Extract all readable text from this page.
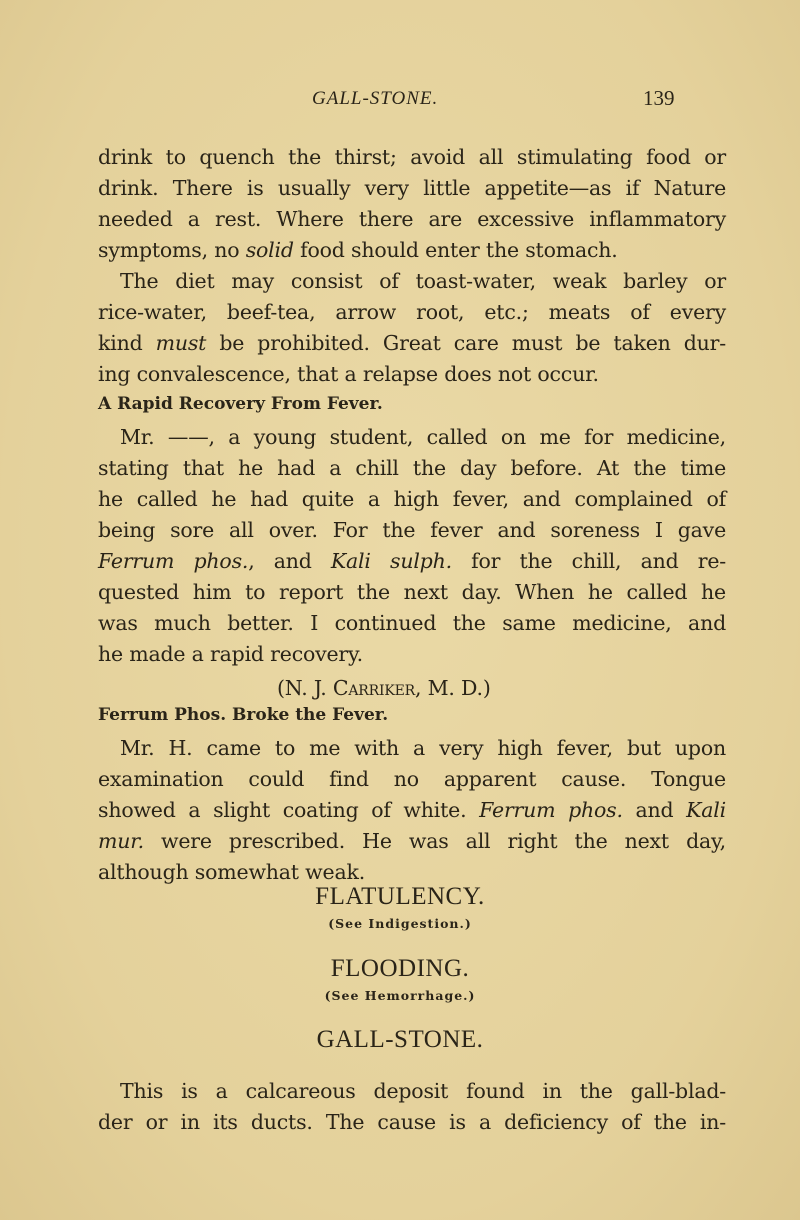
GALL-STONE.	139
A Rapid Recovery From Fever.
(N. J. Carriker, M. D.)
Ferrum Phos. Broke the Fever.
FLATULENCY.
(See Indigestion.)
FLOODING.
(See Hemorrhage.)
GALL-STONE.
drink to quench the thirst; avoid all stimulating food or
drink. There is usually very little appetite—as if Nature
needed a rest. Where there are excessive inflammatory
symptoms, no solid food should enter the stomach.
The diet may consist of toast-water, weak barley or
rice-water, beef-tea, arrow root, etc.; meats of every
kind must be prohibited. Great care must be taken dur-
ing convalescence, that a relapse does not occur.
Mr. ——, a young student, called on me for medicine,
stating that he had a chill the day before. At the time
he called he had quite a high fever, and complained of
being sore all over. For the fever and soreness I gave
Ferrum phos., and Kali sulph. for the chill, and re-
quested him to report the next day. When he called he
was much better. I continued the same medicine, and
he made a rapid recovery.
Mr. H. came to me with a very high fever, but upon
examination could find no apparent cause. Tongue
showed a slight coating of white. Ferrum phos. and Kali
mur. were prescribed. He was all right the next day,
although somewhat weak.
This is a calcareous deposit found in the gall-blad-
der or in its ducts. The cause is a deficiency of the in-
